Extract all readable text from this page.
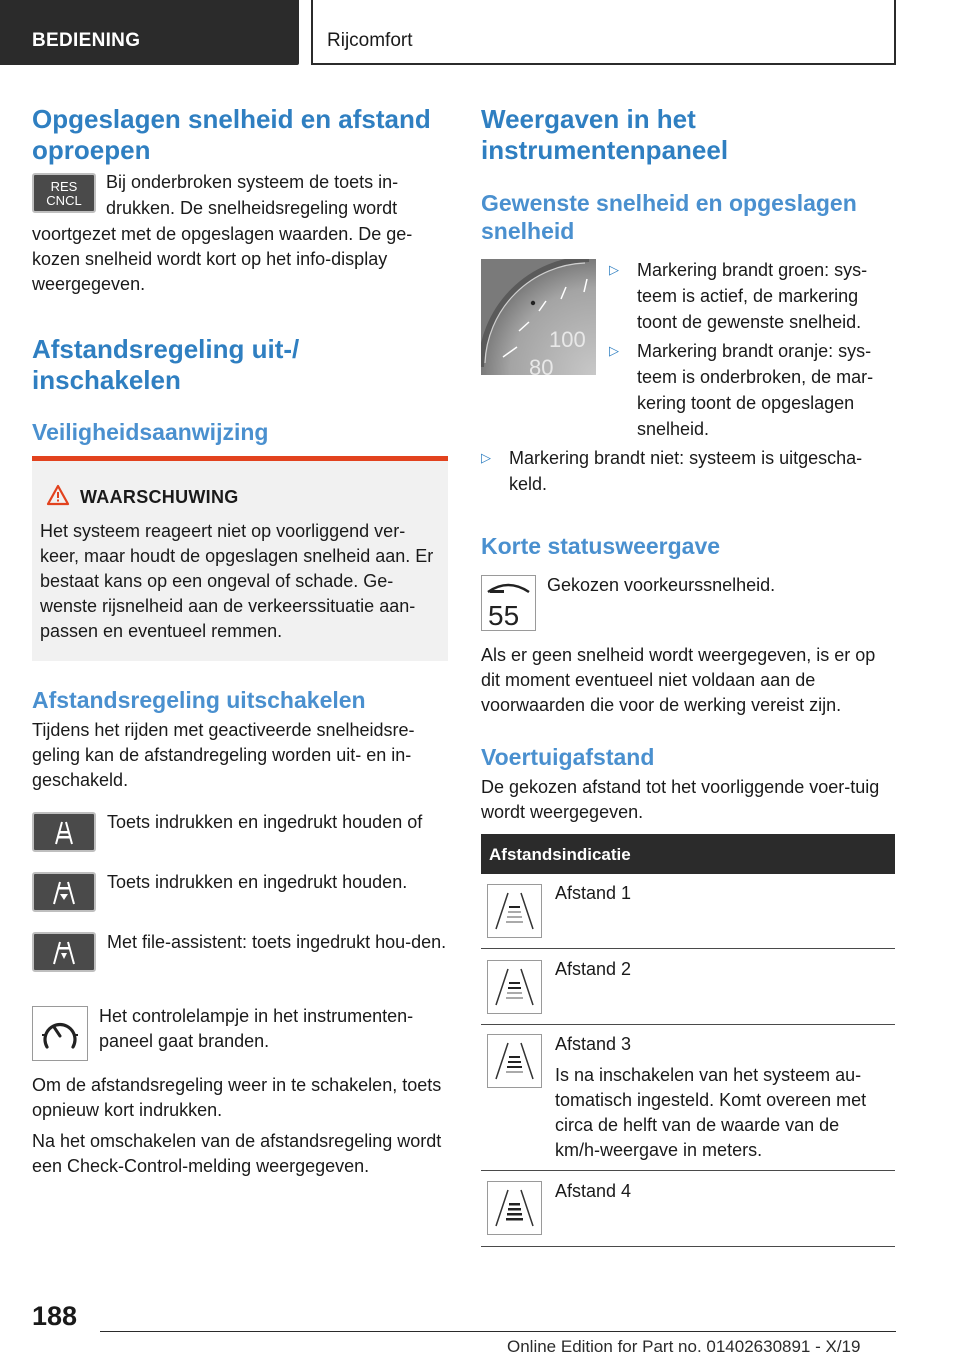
BEDIENING	Rijcomfort
Opgeslagen snelheid en afstand oproepen
RES
CNCL
Bij onderbroken systeem de toets in-
drukken. De snelheidsregeling wordt
voortgezet met de opgeslagen waarden. De ge-kozen snelheid wordt kort op het info-display weergegeven.
Afstandsregeling uit-/ inschakelen
Veiligheidsaanwijzing
WAARSCHUWING
Het systeem reageert niet op voorliggend ver-keer, maar houdt de opgeslagen snelheid aan. Er bestaat kans op een ongeval of schade. Ge-wenste rijsnelheid aan de verkeerssituatie aan-passen en eventueel remmen.
Afstandsregeling uitschakelen
Tijdens het rijden met geactiveerde snelheidsre-geling kan de afstandregeling worden uit- en in-geschakeld.
Toets indrukken en ingedrukt houden of
Toets indrukken en ingedrukt houden.
Met file-assistent: toets ingedrukt hou-den.
Het controlelampje in het instrumenten-paneel gaat branden.
Om de afstandsregeling weer in te schakelen, toets opnieuw kort indrukken.
Na het omschakelen van de afstandsregeling wordt een Check-Control-melding weergegeven.
Weergaven in het instrumentenpaneel
Gewenste snelheid en opgeslagen snelheid
100
80
▷ Markering brandt groen: sys-teem is actief, de markering toont de gewenste snelheid.
▷ Markering brandt oranje: sys-teem is onderbroken, de mar-kering toont de opgeslagen snelheid.
▷ Markering brandt niet: systeem is uitgescha-keld.
Korte statusweergave
55
Gekozen voorkeurssnelheid.
Als er geen snelheid wordt weergegeven, is er op dit moment eventueel niet voldaan aan de voorwaarden die voor de werking vereist zijn.
Voertuigafstand
De gekozen afstand tot het voorliggende voer-tuig wordt weergegeven.
Afstandsindicatie
Afstand 1
Afstand 2
Afstand 3
Is na inschakelen van het systeem au-tomatisch ingesteld. Komt overeen met circa de helft van de waarde van de km/h-weergave in meters.
Afstand 4
188
Online Edition for Part no. 01402630891 - X/19
